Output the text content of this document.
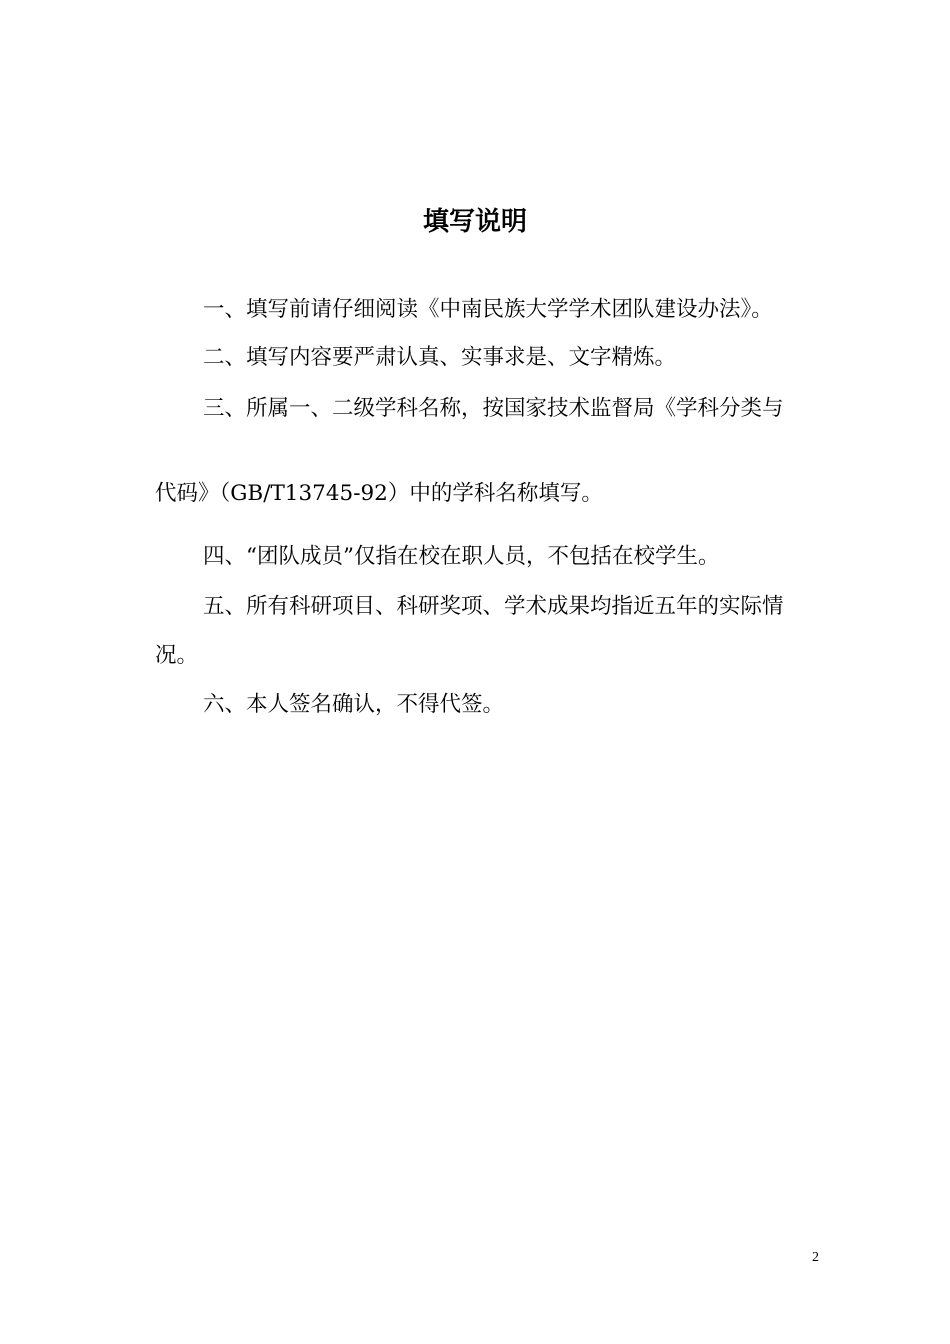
填写说明
一、填写前请仔细阅读《中南民族大学学术团队建设办法》。
二、填写内容要严肃认真、实事求是、文字精炼。
三、所属一、二级学科名称，按国家技术监督局《学科分类与
代码》（GB/T13745-92）中的学科名称填写。
四、“团队成员”仅指在校在职人员，不包括在校学生。
五、所有科研项目、科研奖项、学术成果均指近五年的实际情
况。
六、本人签名确认，不得代签。
2
